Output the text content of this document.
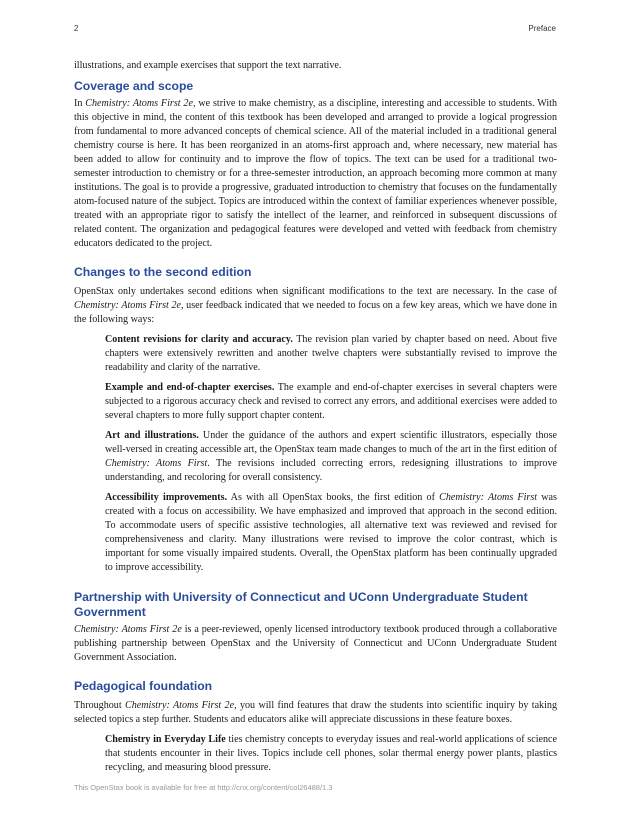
2	Preface

illustrations, and example exercises that support the text narrative.

Coverage and scope

In Chemistry: Atoms First 2e, we strive to make chemistry, as a discipline, interesting and accessible to students. With this objective in mind, the content of this textbook has been developed and arranged to provide a logical progression from fundamental to more advanced concepts of chemical science. All of the material included in a traditional general chemistry course is here. It has been reorganized in an atoms-first approach and, where necessary, new material has been added to allow for continuity and to improve the flow of topics. The text can be used for a traditional two-semester introduction to chemistry or for a three-semester introduction, an approach becoming more common at many institutions. The goal is to provide a progressive, graduated introduction to chemistry that focuses on the fundamentally atom-focused nature of the subject. Topics are introduced within the context of familiar experiences whenever possible, treated with an appropriate rigor to satisfy the intellect of the learner, and reinforced in subsequent discussions of related content. The organization and pedagogical features were developed and vetted with feedback from chemistry educators dedicated to the project.

Changes to the second edition

OpenStax only undertakes second editions when significant modifications to the text are necessary. In the case of Chemistry: Atoms First 2e, user feedback indicated that we needed to focus on a few key areas, which we have done in the following ways:

Content revisions for clarity and accuracy. The revision plan varied by chapter based on need. About five chapters were extensively rewritten and another twelve chapters were substantially revised to improve the readability and clarity of the narrative.

Example and end-of-chapter exercises. The example and end-of-chapter exercises in several chapters were subjected to a rigorous accuracy check and revised to correct any errors, and additional exercises were added to several chapters to more fully support chapter content.

Art and illustrations. Under the guidance of the authors and expert scientific illustrators, especially those well-versed in creating accessible art, the OpenStax team made changes to much of the art in the first edition of Chemistry: Atoms First. The revisions included correcting errors, redesigning illustrations to improve understanding, and recoloring for overall consistency.

Accessibility improvements. As with all OpenStax books, the first edition of Chemistry: Atoms First was created with a focus on accessibility. We have emphasized and improved that approach in the second edition. To accommodate users of specific assistive technologies, all alternative text was reviewed and revised for comprehensiveness and clarity. Many illustrations were revised to improve the color contrast, which is important for some visually impaired students. Overall, the OpenStax platform has been continually upgraded to improve accessibility.

Partnership with University of Connecticut and UConn Undergraduate Student Government

Chemistry: Atoms First 2e is a peer-reviewed, openly licensed introductory textbook produced through a collaborative publishing partnership between OpenStax and the University of Connecticut and UConn Undergraduate Student Government Association.

Pedagogical foundation

Throughout Chemistry: Atoms First 2e, you will find features that draw the students into scientific inquiry by taking selected topics a step further. Students and educators alike will appreciate discussions in these feature boxes.

Chemistry in Everyday Life ties chemistry concepts to everyday issues and real-world applications of science that students encounter in their lives. Topics include cell phones, solar thermal energy power plants, plastics recycling, and measuring blood pressure.

This OpenStax book is available for free at http://cnx.org/content/col26488/1.3
